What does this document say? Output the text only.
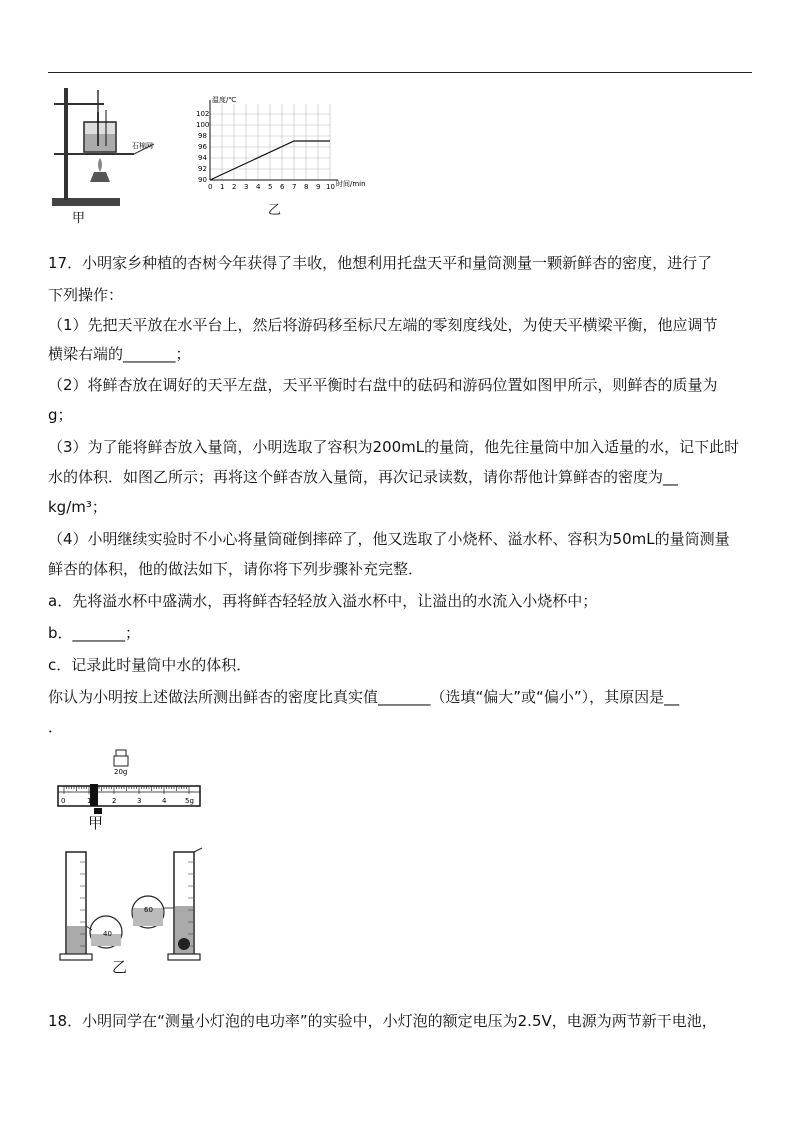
石棉网
甲
温度/℃
时间/min
90
92
94
96
98
100
102
0 1 2 3 4 5 6 7 8 9 10
乙
17．小明家乡种植的杏树今年获得了丰收，他想利用托盘天平和量筒测量一颗新鲜杏的密度，进行了
下列操作：
（1）先把天平放在水平台上，然后将游码移至标尺左端的零刻度线处，为使天平横梁平衡，他应调节
横梁右端的_______；
（2）将鲜杏放在调好的天平左盘，天平平衡时右盘中的砝码和游码位置如图甲所示，则鲜杏的质量为
g；
（3）为了能将鲜杏放入量筒，小明选取了容积为200mL的量筒，他先往量筒中加入适量的水，记下此时
水的体积．如图乙所示；再将这个鲜杏放入量筒，再次记录读数，请你帮他计算鲜杏的密度为__
kg/m³；
（4）小明继续实验时不小心将量筒碰倒摔碎了，他又选取了小烧杯、溢水杯、容积为50mL的量筒测量
鲜杏的体积，他的做法如下，请你将下列步骤补充完整．
a．先将溢水杯中盛满水，再将鲜杏轻轻放入溢水杯中，让溢出的水流入小烧杯中；
b．_______；
c．记录此时量筒中水的体积．
你认为小明按上述做法所测出鲜杏的密度比真实值_______（选填“偏大”或“偏小”），其原因是__
．
20g
0	1	2	3	4	5g
甲
40
60
乙
18．小明同学在“测量小灯泡的电功率”的实验中，小灯泡的额定电压为2.5V，电源为两节新干电池，
